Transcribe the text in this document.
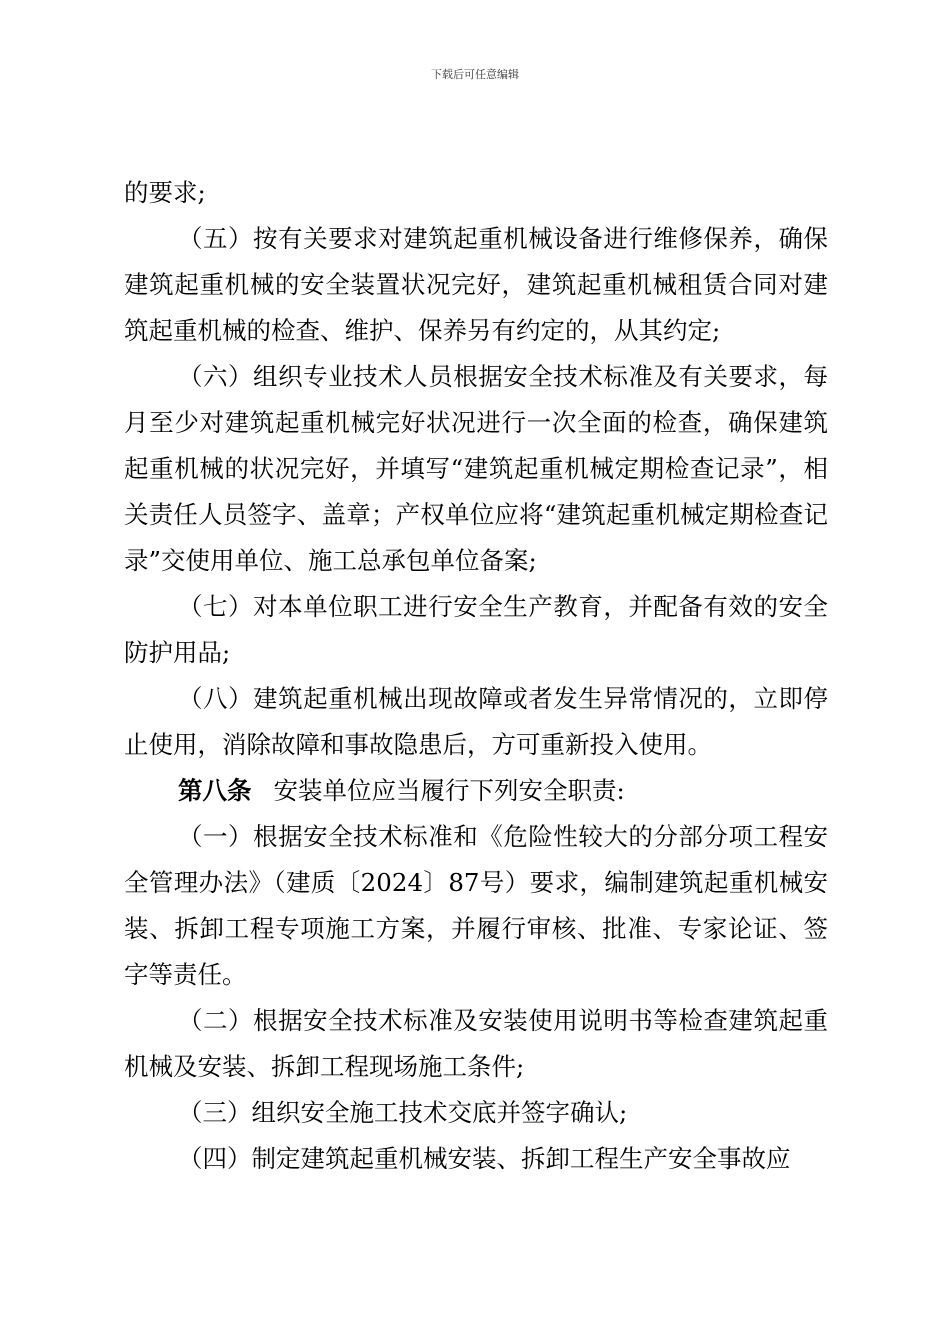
下载后可任意编辑

的要求;

（五）按有关要求对建筑起重机械设备进行维修保养，确保建筑起重机械的安全装置状况完好，建筑起重机械租赁合同对建筑起重机械的检查、维护、保养另有约定的，从其约定;

（六）组织专业技术人员根据安全技术标准及有关要求，每月至少对建筑起重机械完好状况进行一次全面的检查，确保建筑起重机械的状况完好，并填写“建筑起重机械定期检查记录”，相关责任人员签字、盖章；产权单位应将“建筑起重机械定期检查记录”交使用单位、施工总承包单位备案;

（七）对本单位职工进行安全生产教育，并配备有效的安全防护用品;

（八）建筑起重机械出现故障或者发生异常情况的，立即停止使用，消除故障和事故隐患后，方可重新投入使用。

第八条 安装单位应当履行下列安全职责:

（一）根据安全技术标准和《危险性较大的分部分项工程安全管理办法》（建质〔2024〕87号）要求，编制建筑起重机械安装、拆卸工程专项施工方案，并履行审核、批准、专家论证、签字等责任。

（二）根据安全技术标准及安装使用说明书等检查建筑起重机械及安装、拆卸工程现场施工条件;

（三）组织安全施工技术交底并签字确认;

（四）制定建筑起重机械安装、拆卸工程生产安全事故应
